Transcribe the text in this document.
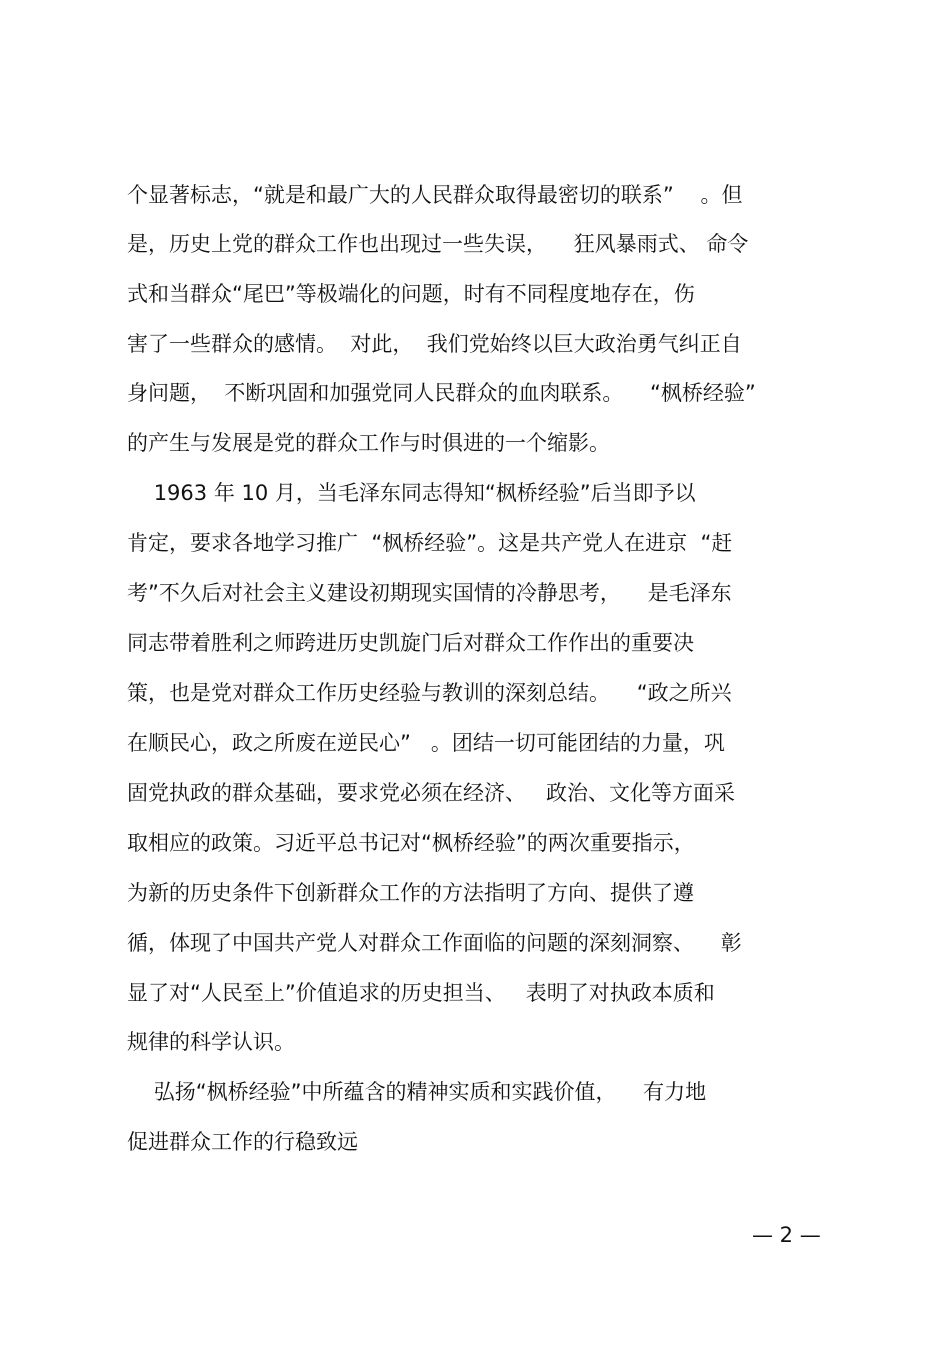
个显著标志，“就是和最广大的人民群众取得最密切的联系”    。但
是，历史上党的群众工作也出现过一些失误，    狂风暴雨式、 命令
式和当群众“尾巴”等极端化的问题，时有不同程度地存在，伤
害了一些群众的感情。  对此，  我们党始终以巨大政治勇气纠正自
身问题，  不断巩固和加强党同人民群众的血肉联系。    “枫桥经验”
的产生与发展是党的群众工作与时俱进的一个缩影。
1963 年 10 月，当毛泽东同志得知“枫桥经验”后当即予以
肯定，要求各地学习推广  “枫桥经验”。这是共产党人在进京  “赶
考”不久后对社会主义建设初期现实国情的冷静思考，    是毛泽东
同志带着胜利之师跨进历史凯旋门后对群众工作作出的重要决
策，也是党对群众工作历史经验与教训的深刻总结。    “政之所兴
在顺民心，政之所废在逆民心”   。团结一切可能团结的力量，巩
固党执政的群众基础，要求党必须在经济、   政治、文化等方面采
取相应的政策。习近平总书记对“枫桥经验”的两次重要指示，
为新的历史条件下创新群众工作的方法指明了方向、提供了遵
循，体现了中国共产党人对群众工作面临的问题的深刻洞察、    彰
显了对“人民至上”价值追求的历史担当、   表明了对执政本质和
规律的科学认识。
弘扬“枫桥经验”中所蕴含的精神实质和实践价值，    有力地
促进群众工作的行稳致远
— 2 —
